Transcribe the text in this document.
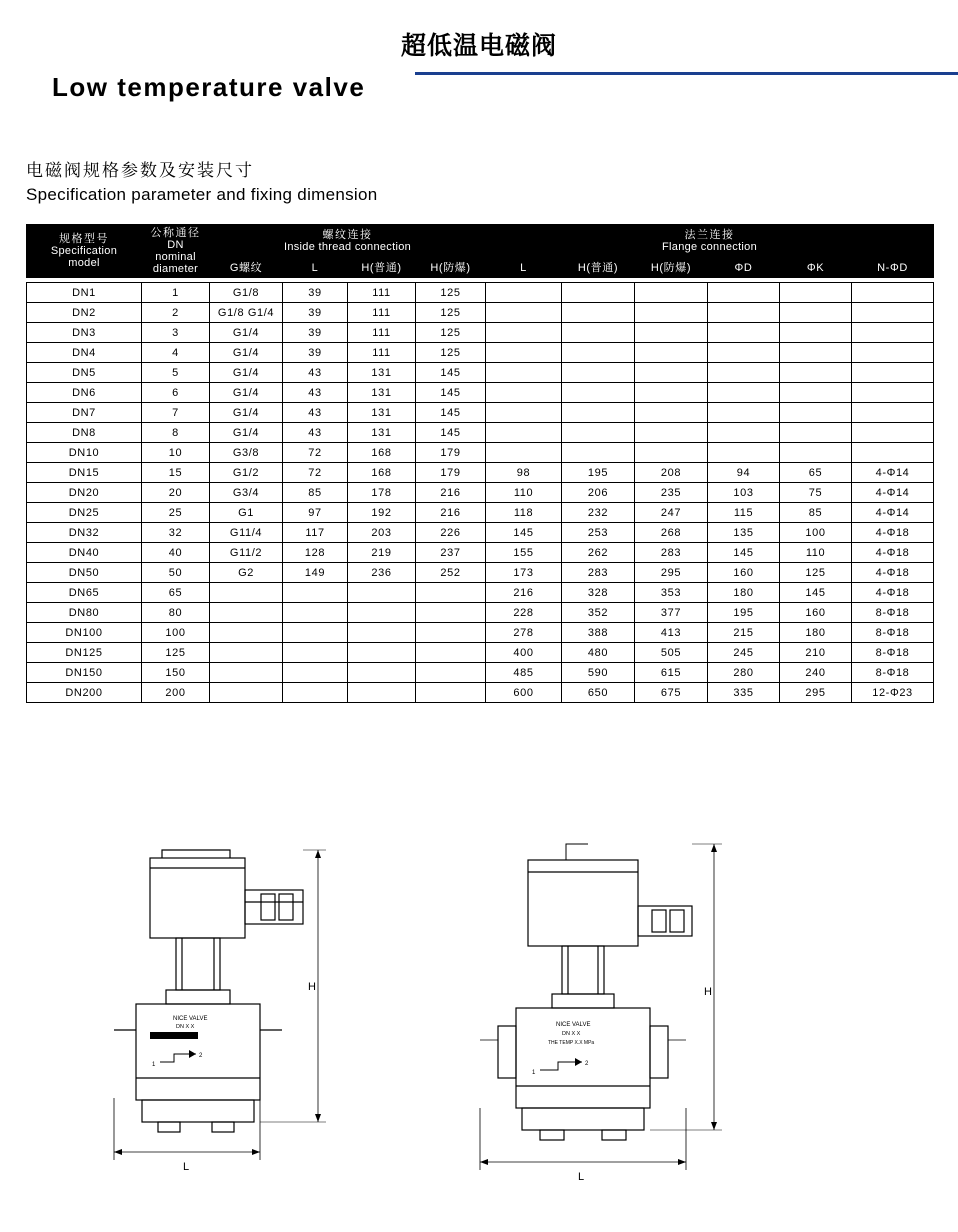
超低温电磁阀
Low temperature valve
电磁阀规格参数及安装尺寸
Specification parameter and fixing dimension
规格型号
Specification
model	公称通径
DN
nominal
diameter	螺纹连接
Inside thread connection				法兰连接
Flange connection					

		G螺纹	L	H(普通)	H(防爆)	L	H(普通)	H(防爆)	ΦD	ΦK	N-ΦD

DN1	1	G1/8	39	111	125						
DN2	2	G1/8 G1/4	39	111	125						
DN3	3	G1/4	39	111	125						
DN4	4	G1/4	39	111	125						
DN5	5	G1/4	43	131	145						
DN6	6	G1/4	43	131	145						
DN7	7	G1/4	43	131	145						
DN8	8	G1/4	43	131	145						
DN10	10	G3/8	72	168	179						
DN15	15	G1/2	72	168	179	98	195	208	94	65	4-Φ14
DN20	20	G3/4	85	178	216	110	206	235	103	75	4-Φ14
DN25	25	G1	97	192	216	118	232	247	115	85	4-Φ14
DN32	32	G11/4	117	203	226	145	253	268	135	100	4-Φ18
DN40	40	G11/2	128	219	237	155	262	283	145	110	4-Φ18
DN50	50	G2	149	236	252	173	283	295	160	125	4-Φ18
DN65	65					216	328	353	180	145	4-Φ18
DN80	80					228	352	377	195	160	8-Φ18
DN100	100					278	388	413	215	180	8-Φ18
DN125	125					400	480	505	245	210	8-Φ18
DN150	150					485	590	615	280	240	8-Φ18
DN200	200					600	650	675	335	295	12-Φ23
NICE VALVE
DN X X
1
2
L
H
NICE VALVE
DN X X
THE TEMP X.X MPa
1
2
L
H
